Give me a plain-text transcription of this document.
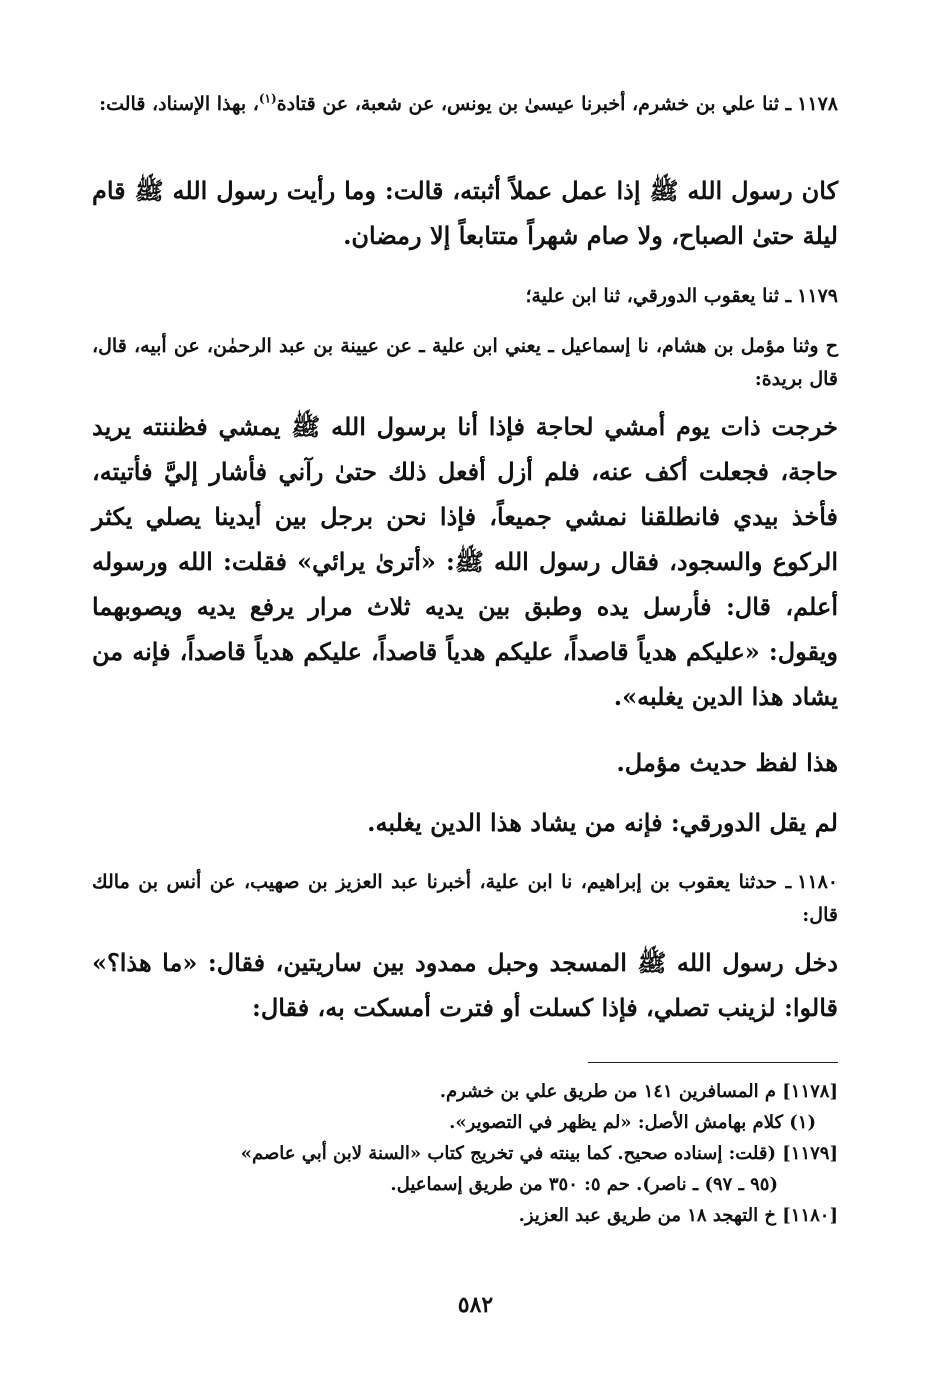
١١٧٨ـ ثنا علي بن خشرم، أخبرنا عيسىٰ بن يونس، عن شعبة، عن قتادة$^{(١)}$، بهذا الإسناد، قالت:
كان رسول الله ﷺ إذا عمل عملاً أثبته، قالت: وما رأيت رسول الله ﷺ قام ليلة حتىٰ الصباح، ولا صام شهراً متتابعاً إلا رمضان.
١١٧٩ـ ثنا يعقوب الدورقي، ثنا ابن علية؛
ح وثنا مؤمل بن هشام، نا إسماعيل ـ يعني ابن علية ـ عن عيينة بن عبد الرحمٰن، عن أبيه، قال، قال بريدة:
خرجت ذات يوم أمشي لحاجة فإذا أنا برسول الله ﷺ يمشي فظننته يريد حاجة، فجعلت أكف عنه، فلم أزل أفعل ذلك حتىٰ رآني فأشار إليَّ فأتيته، فأخذ بيدي فانطلقنا نمشي جميعاً، فإذا نحن برجل بين أيدينا يصلي يكثر الركوع والسجود، فقال رسول الله ﷺ: «أترىٰ يرائي» فقلت: الله ورسوله أعلم، قال: فأرسل يده وطبق بين يديه ثلاث مرار يرفع يديه ويصوبهما ويقول: «عليكم هدياً قاصداً، عليكم هدياً قاصداً، عليكم هدياً قاصداً، فإنه من يشاد هذا الدين يغلبه».
هذا لفظ حديث مؤمل.
لم يقل الدورقي: فإنه من يشاد هذا الدين يغلبه.
١١٨٠ـ حدثنا يعقوب بن إبراهيم، نا ابن علية، أخبرنا عبد العزيز بن صهيب، عن أنس بن مالك قال:
دخل رسول الله ﷺ المسجد وحبل ممدود بين ساريتين، فقال: «ما هذا؟» قالوا: لزينب تصلي، فإذا كسلت أو فترت أمسكت به، فقال:
[١١٧٨] م المسافرين ١٤١ من طريق علي بن خشرم.
(١) كلام بهامش الأصل: «لم يظهر في التصوير».
[١١٧٩] (قلت: إسناده صحيح. كما بينته في تخريج كتاب «السنة لابن أبي عاصم»
(٩٥ ـ ٩٧) ـ ناصر). حم ٥: ٣٥٠ من طريق إسماعيل.
[١١٨٠] خ التهجد ١٨ من طريق عبد العزيز.
٥٨٢
